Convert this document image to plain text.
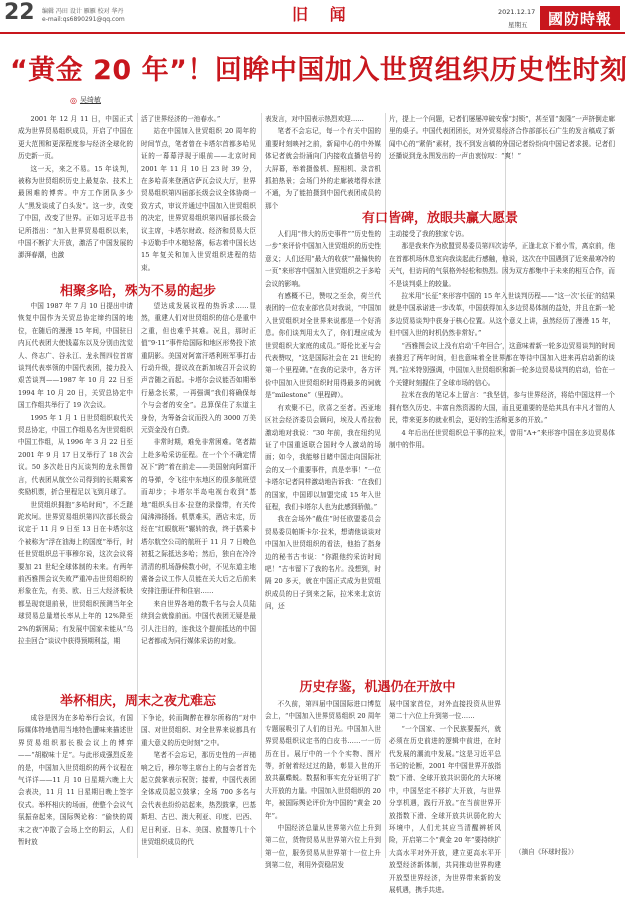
22 编辑 冯田 设计 雁雁 校对 华丹
e-mail:qs6890291@qq.com	旧 闻	2021.12.17
星期五 國防時報
“黄金 20 年”！回眸中国加入世贸组织历史性时刻
◎ 吴绮敏

2001 年 12 月 11 日，中国正式成为世界贸易组织成员，开启了中国在更大范围和更深程度参与经济全球化的历史新一页。

这一天，来之不易。15 年谈判，被称为世贸组织历史上最复杂、技术上最困难的博弈。中方工作团队多少人“黑发谈成了白头发”。这一步，改变了中国，改变了世界。正如习近平总书记所指出：“加入世界贸易组织以来，中国不断扩大开放，激活了中国发展的澎湃春潮，也激

活了世界经济的一池春水。”

站在中国加入世贸组织 20 周年的时间节点，笔者曾在卡塔尔首都多哈见证的一幕幕浮现于眼前——北京时间 2001 年 11 月 10 日 23 时 39 分，在多哈喜来登酒店萨瓦会议大厅，世界贸易组织第四届部长级会议全体协商一致方式，审议并通过中国加入世贸组织的决定，世界贸易组织第四届部长级会议主席，卡塔尔财政、经济和贸易大臣卡迈勒手中木槌轻落，标志着中国长达 15 年复关和加入世贸组织进程的结束。

相聚多哈，殊为不易的起步

中国 1987 年 7 月 10 日提出申请恢复中国作为关贸总协定缔约国的地位，在随后的漫漫 15 年间，中国驻日内瓦代表团大使钱嘉东以及分别由沈觉人、佟志广、谷永江、龙永图四位首席谈判代表率领的中国代表团，接力投入艰苦谈判——1987 年 10 月 22 日至 1994 年 10 月 20 日，关贸总协定中国工作组共举行了 19 次会议。

1995 年 1 月 1 日世贸组织取代关贸总协定，中国工作组易名为世贸组织中国工作组，从 1996 年 3 月 22 日至 2001 年 9 月 17 日又举行了 18 次会议。50 多次赴日内瓦谈判的龙永图曾言，代表团从航空公司得到的长期乘客奖励机票，折合里程足以飞到月球了。

世贸组织拥抱“多哈时间”，不乏蹉跎坎坷。世界贸易组织第四次部长级会议定于 11 月 9 日至 13 日在卡塔尔这个被称为“浮在油海上的国度”举行，时任世贸组织总干事穆尔说，这次会议将要加 21 世纪全球体制的未来。有两年前西雅图会议失败严重冲击世贸组织的形象在先，有美、欧、日三大经济板块都呈现衰退前景，世贸组织预测当年全球贸易总量增长率从上年的 12%降至 2%的新困局；有发展中国家未能从“乌拉圭回合”谈议中获得预期利益，期

望达成发展议程的热诉求……显然，重建人们对世贸组织的信心是重中之重，但也难乎其难。况且，那时正值“9·11”事件给国际和地区形势投下浓重阴影。美国对阿富汗塔利班军事打击行动升级，提议改在新加坡召开会议的声音随之而起。卡塔尔会议能否如期举行悬念长萦，一再强调“我们将确保每个与会者的安全”。总算保住了东道主身份，为筹备会议而投入的 3000 万美元资金没有白费。

非常时期，难免非常困难。笔者踏上赴多哈采访征程。在一个个不确定情况下“跨”着在前走——美国射向阿富汗的导弹，令飞往中东地区的很多航班望而却步；卡塔尔半岛电视台收到“基地”组织头目本·拉登的录像带，有关传闻沸沸扬扬。机票难买，酒店未定，历经在“红眼航班”辗转的我，终于搭乘卡塔尔航空公司的航班于 11 月 7 日晚色初抵之际抵达多哈；然后，独自在冷冷清清的机场静候数小时，不见东道主地震备会议工作人员能在关大后之后前来安排注册证件和住宿……

来自世界各地的数千名与会人员陆续到会就像前面。中国代表团无疑是最引人注目的，连我这个提前抵达的中国记者都成为同行媒体采访的对象。

举杯相庆，周末之夜尤难忘

成谷是因为在多哈举行会议，有国际媒体特地借用当地特色遭味来描述世界贸易组织那长极会议上的博弈——“胡椒味十足”。与此形成强烈反差的是，中国加入世贸组织的两个议程在气详详——11 月 10 日星期六晚上大会表决，11 月 11 日星期日晚上签字仪式。举杯相庆的场面，使整个会议气氛振奋起来，国际舆论称：“偷快的周末之夜”冲散了会场上空的阴云，人们暂时放

下争论，转而陶醉在穆尔所称的“对中国、对世贸组织、对全世界来说都具有重大意义的历史时刻”之中。

笔者不会忘记，那历史性的一声槌响之后，穆尔等主席台上的与会者首先起立鼓掌表示祝贺；接着，中国代表团全体成员起立鼓掌；全场 700 多名与会代表也纷纷站起来，热烈鼓掌，巴基斯坦、古巴、澳大利亚、印度、巴西、尼日利亚、日本、美国、欧盟等几十个世贸组织成员的代

表发言，对中国表示热烈欢迎……

笔者不会忘记，每一个有关中国的重要时刻映衬之前，新闻中心的中外媒体记者就会纷涌向门内接收直播信号的大屏幕，举着摄像机、照相机、录音机抓拍热景；会场门外的走廊被堵得水泄不通，为了能拍摄到中国代表团成员的那个

片，提上一个问题，记者们屡屡冲破安保“封锁”，甚至冒“轰隆”一声挤倒走廊里的桌子。中国代表团团长，对外贸易经济合作部部长石广生的发言稿成了新闻中心的“紧俏”素材，找不到发言稿的外国记者纷纷向中国记者求援。记者们还播说到龙永图发出的一声由衷惊叹：“爽！”

有口皆碑，放眼共赢大愿景

人们用“伟大的历史事件”“历史性的一步”来评价中国加入世贸组织的历史性意义；人们还用“最大的收获”“最偏快的一页”来形容中国加入世贸组织之于多哈会议的影响。

有感概不已，赞叹之至余，荷兰代表团的一位农业部官员对我说，“中国加入世贸组织对全世界来说都是一个好消息。你们谈判用太久了，你们理应成为世贸组织大家庭的成员。”哥伦比亚与会代表赞叹，“这是国际社会在 21 世纪的第一个里程碑。”在我的记录中，各方评价中国加入世贸组织时用得最多的词就是“milestone”（里程碑）。

有欢聚不已，欣喜之至者。西亚地区社会经济委员会顾问，埃及人希拉勃激动地对我说：“30 年前，我在纽约见证了中国重返联合国时令人激动的场面；如今，我能够目睹中国走向国际社会的又一个重要事件，真是幸事！”一位卡塔尔记者同样激动地告诉我：“在我们的国家，中国即以加盟完成 15 年入世征程，我们卡塔尔人也为此感到骄傲。”

我在会场外“截住”时任欧盟委员会贸易委员帕斯卡尔·拉米，想请他谈谈对中国加入世贸组织的看法，他抬了指身边的秘书古韦说：“你跟他约采访时间吧！”古韦留下了我的名片。没想到，时隔 20 多天，就在中国正式成为世贸组织成员的日子到来之际，拉米来北京访问，还

主动接受了我的独家专访。

那是我来作为欧盟贸易委员第四次访华，正逢北京下着小雪，离京前，他在首都机场休息室向我谈起此行感触，他说，这次在中国遇到了近来最寒冷的天气，但访问的气氛格外轻松和热烈。因为双方都集中于未来的相互合作，而不是谈判桌上的较量。

拉米用“长征”来形容中国的 15 年入世谈判历程——“这一次‘长征’的结果就是中国承诺进一步改革，中国获得加入多边贸易体制的益处，并且在新一轮多边贸易谈判中获身于核心位置。从这个意义上讲，虽然经历了漫漫 15 年，但中国入世的时机仍然非常好。”

“西雅图会议上没有启动‘千年回合’，这意味着新一轮多边贸易谈判的时间表推迟了两年时间，但也意味着全世界都在等待中国加入进来再启动新的谈判。”拉米特别强调，中国加入世贸组织和新一轮多边贸易谈判的启动，恰在一个关键时刻握住了全球市场的信心。

拉米在我的笔记本上留言：“我坚信，参与世界经济，将给中国这样一个拥有悠久历史、丰富自然资源的大国，而且更重要的是给其具有丰凡才智的人民，带来更多的就业机会，更好的生活和更多的开放。”

4 年后出任世贸组织总干事的拉米，曾用“A+”来形容中国在多边贸易体制中的作用。

历史存鉴，机遇仍在开放中

不久前，第四届中国国际进口博览会上，“中国加入世界贸易组织 20 周年专题展吸引了人们的目光。中国加入世界贸易组织议定书的白皮书……一一历历在目。展厅中的一个个实物、图片等，折射着经过过的路，彰显入世的开放共赢蝶蜕。数据和事实充分证明了扩大开放的力量。中国加入世贸组织的 20 年，被国际舆论评价为中国的“黄金 20 年”。

中国经济总量从世界第六位上升到第二位，货物贸易从世界第六位上升到第一位，服务贸易从世界第十一位上升到第二位，利用外资稳居发

展中国家首位，对外直接投资从世界第二十六位上升到第一位……

“一个国家、一个民族要振兴，就必须在历史前进的逻辑中前进，在时代发展的潮流中发展。”这是习近平总书记的论断，2001 年中国世界开放指数“下滑、全球开放共识弱化的大环境中，中国坚定不移扩大开放，与世界分享机遇，践行开放。”在当前世界开放指数下滑、全球开放共识弱化的大环境中，人们尤其应当清醒辨析风险，开启第二个“黄金 20 年”要持续扩大高水平对外开放，建立更高水平开放型经济新体制，共同推动世界构建开放型世界经济，为世界带来新的发展机遇，携手共进。

（摘自《环球时报》）
